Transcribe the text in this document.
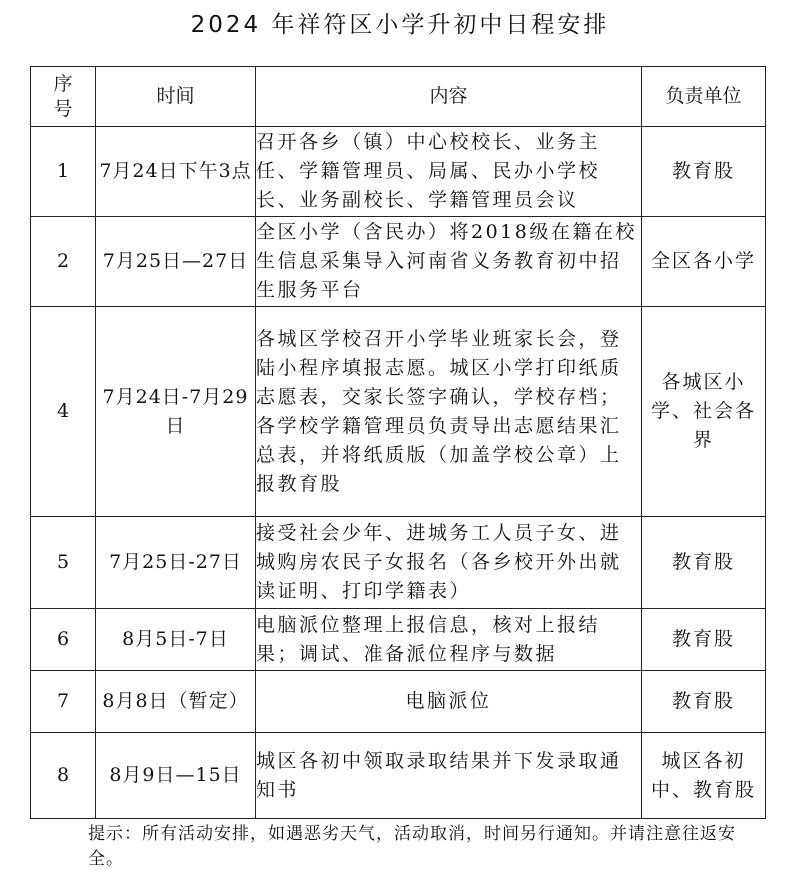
2024 年祥符区小学升初中日程安排
序号	时间	内容	负责单位
1	7月24日下午3点	召开各乡（镇）中心校校长、业务主任、学籍管理员、局属、民办小学校长、业务副校长、学籍管理员会议	教育股
2	7月25日—27日	全区小学（含民办）将2018级在籍在校生信息采集导入河南省义务教育初中招生服务平台	全区各小学
4	7月24日-7月29日	各城区学校召开小学毕业班家长会，登陆小程序填报志愿。城区小学打印纸质志愿表，交家长签字确认，学校存档；各学校学籍管理员负责导出志愿结果汇总表，并将纸质版（加盖学校公章）上报教育股	各城区小学、社会各界
5	7月25日-27日	接受社会少年、进城务工人员子女、进城购房农民子女报名（各乡校开外出就读证明、打印学籍表）	教育股
6	8月5日-7日	电脑派位整理上报信息，核对上报结果；调试、准备派位程序与数据	教育股
7	8月8日（暂定）	电脑派位	教育股
8	8月9日—15日	城区各初中领取录取结果并下发录取通知书	城区各初中、教育股
提示：所有活动安排，如遇恶劣天气，活动取消，时间另行通知。并请注意往返安全。
